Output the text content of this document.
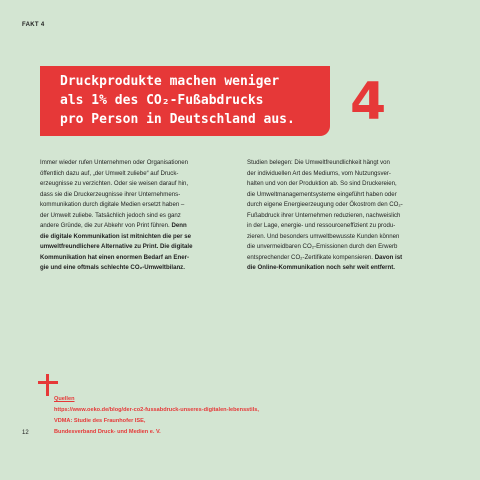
FAKT 4
Druckprodukte machen weniger
als 1% des CO₂-Fußabdrucks
pro Person in Deutschland aus.	4
Immer wieder rufen Unternehmen oder Organisationen
öffentlich dazu auf, „der Umwelt zuliebe“ auf Druck-
erzeugnisse zu verzichten. Oder sie weisen darauf hin,
dass sie die Druckerzeugnisse ihrer Unternehmens-
kommunikation durch digitale Medien ersetzt haben –
der Umwelt zuliebe. Tatsächlich jedoch sind es ganz
andere Gründe, die zur Abkehr von Print führen. Denn
die digitale Kommunikation ist mitnichten die per se
umweltfreundlichere Alternative zu Print. Die digitale
Kommunikation hat einen enormen Bedarf an Ener-
gie und eine oftmals schlechte CO₂-Umweltbilanz.
Studien belegen: Die Umweltfreundlichkeit hängt von
der individuellen Art des Mediums, vom Nutzungsver-
halten und von der Produktion ab. So sind Druckereien,
die Umweltmanagementsysteme eingeführt haben oder
durch eigene Energieerzeugung oder Ökostrom den CO₂-
Fußabdruck ihrer Unternehmen reduzieren, nachweislich
in der Lage, energie- und ressourceneffizient zu produ-
zieren. Und besonders umweltbewusste Kunden können
die unvermeidbaren CO₂-Emissionen durch den Erwerb
entsprechender CO₂-Zertifikate kompensieren. Davon ist
die Online-Kommunikation noch sehr weit entfernt.
Quellen
https://www.oeko.de/blog/der-co2-fussabdruck-unseres-digitalen-lebensstils,
VDMA: Studie des Fraunhofer ISE,
Bundesverband Druck- und Medien e. V.
12
